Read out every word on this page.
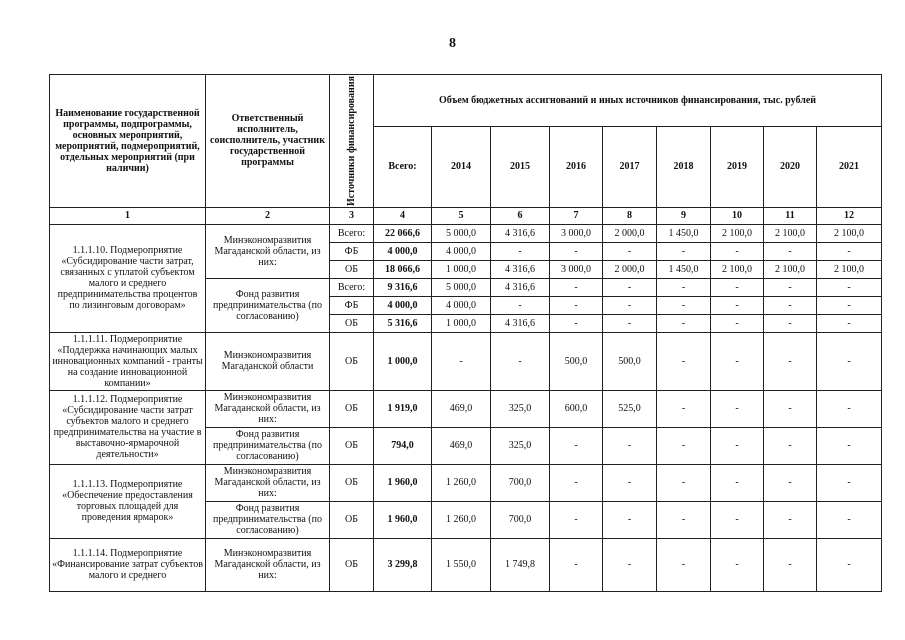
8
Наименование государственной программы, подпрограммы, основных мероприятий, мероприятий, подмероприятий, отдельных мероприятий (при наличии)	Ответственный исполнитель, соисполнитель, участник государственной программы	Источники финансирования	Объем бюджетных ассигнований и иных источников финансирования, тыс. рублей								
			Всего:	2014	2015	2016	2017	2018	2019	2020	2021
1	2	3	4	5	6	7	8	9	10	11	12
1.1.1.10. Подмероприятие «Субсидирование части затрат, связанных с уплатой субъектом малого и среднего предпринимательства процентов по лизинговым договорам»	Минэкономразвития Магаданской области, из них:	Всего:	22 066,6	5 000,0	4 316,6	3 000,0	2 000,0	1 450,0	2 100,0	2 100,0	2 100,0
		ФБ	4 000,0	4 000,0	-	-	-	-	-	-	-
		ОБ	18 066,6	1 000,0	4 316,6	3 000,0	2 000,0	1 450,0	2 100,0	2 100,0	2 100,0
	Фонд развития предпринимательства (по согласованию)	Всего:	9 316,6	5 000,0	4 316,6	-	-	-	-	-	-
		ФБ	4 000,0	4 000,0	-	-	-	-	-	-	-
		ОБ	5 316,6	1 000,0	4 316,6	-	-	-	-	-	-
1.1.1.11. Подмероприятие «Поддержка начинающих малых инновационных компаний - гранты на создание инновационной компании»	Минэкономразвития Магаданской области	ОБ	1 000,0	-	-	500,0	500,0	-	-	-	-
1.1.1.12. Подмероприятие «Субсидирование части затрат субъектов малого и среднего предпринимательства на участие в выставочно-ярмарочной деятельности»	Минэкономразвития Магаданской области, из них:	ОБ	1 919,0	469,0	325,0	600,0	525,0	-	-	-	-
	Фонд развития предпринимательства (по согласованию)	ОБ	794,0	469,0	325,0	-	-	-	-	-	-
1.1.1.13. Подмероприятие «Обеспечение предоставления торговых площадей для проведения ярмарок»	Минэкономразвития Магаданской области, из них:	ОБ	1 960,0	1 260,0	700,0	-	-	-	-	-	-
	Фонд развития предпринимательства (по согласованию)	ОБ	1 960,0	1 260,0	700,0	-	-	-	-	-	-
1.1.1.14. Подмероприятие «Финансирование затрат субъектов малого и среднего	Минэкономразвития Магаданской области, из них:	ОБ	3 299,8	1 550,0	1 749,8	-	-	-	-	-	-
